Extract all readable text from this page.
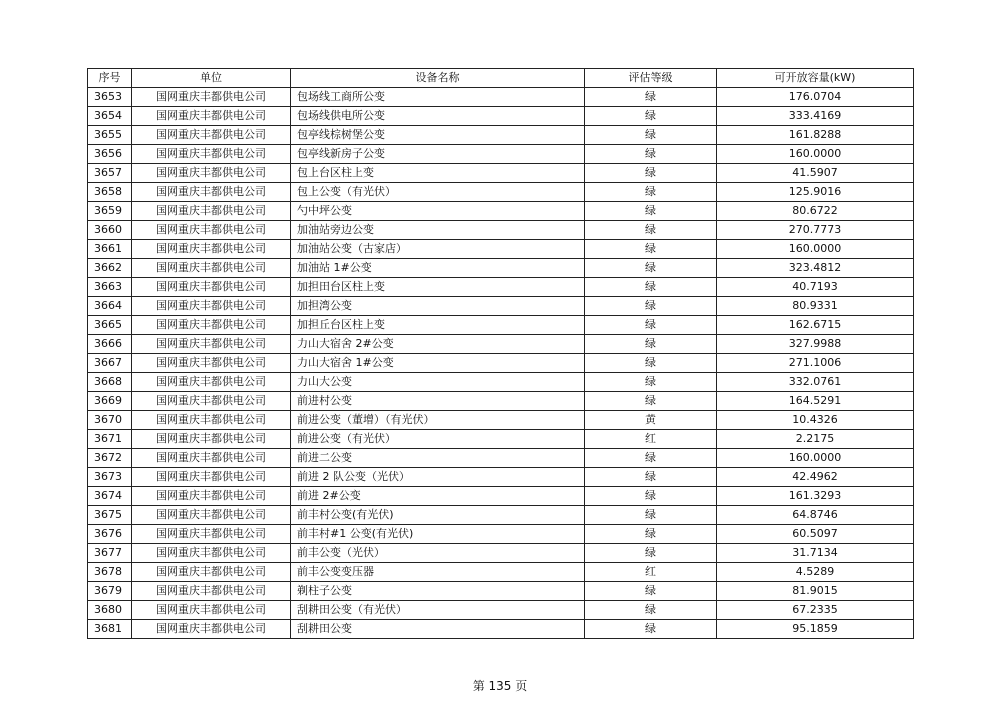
序号	单位	设备名称	评估等级	可开放容量(kW)
3653	国网重庆丰都供电公司	包场线工商所公变	绿	176.0704
3654	国网重庆丰都供电公司	包场线供电所公变	绿	333.4169
3655	国网重庆丰都供电公司	包亭线棕树堡公变	绿	161.8288
3656	国网重庆丰都供电公司	包亭线新房子公变	绿	160.0000
3657	国网重庆丰都供电公司	包上台区柱上变	绿	41.5907
3658	国网重庆丰都供电公司	包上公变（有光伏）	绿	125.9016
3659	国网重庆丰都供电公司	勺中坪公变	绿	80.6722
3660	国网重庆丰都供电公司	加油站旁边公变	绿	270.7773
3661	国网重庆丰都供电公司	加油站公变（古家店）	绿	160.0000
3662	国网重庆丰都供电公司	加油站 1#公变	绿	323.4812
3663	国网重庆丰都供电公司	加担田台区柱上变	绿	40.7193
3664	国网重庆丰都供电公司	加担湾公变	绿	80.9331
3665	国网重庆丰都供电公司	加担丘台区柱上变	绿	162.6715
3666	国网重庆丰都供电公司	力山大宿舍 2#公变	绿	327.9988
3667	国网重庆丰都供电公司	力山大宿舍 1#公变	绿	271.1006
3668	国网重庆丰都供电公司	力山大公变	绿	332.0761
3669	国网重庆丰都供电公司	前进村公变	绿	164.5291
3670	国网重庆丰都供电公司	前进公变（董增）（有光伏）	黄	10.4326
3671	国网重庆丰都供电公司	前进公变（有光伏）	红	2.2175
3672	国网重庆丰都供电公司	前进二公变	绿	160.0000
3673	国网重庆丰都供电公司	前进 2 队公变（光伏）	绿	42.4962
3674	国网重庆丰都供电公司	前进 2#公变	绿	161.3293
3675	国网重庆丰都供电公司	前丰村公变(有光伏)	绿	64.8746
3676	国网重庆丰都供电公司	前丰村#1 公变(有光伏)	绿	60.5097
3677	国网重庆丰都供电公司	前丰公变（光伏）	绿	31.7134
3678	国网重庆丰都供电公司	前丰公变变压器	红	4.5289
3679	国网重庆丰都供电公司	剃柱子公变	绿	81.9015
3680	国网重庆丰都供电公司	刮耕田公变（有光伏）	绿	67.2335
3681	国网重庆丰都供电公司	刮耕田公变	绿	95.1859
第 135 页
